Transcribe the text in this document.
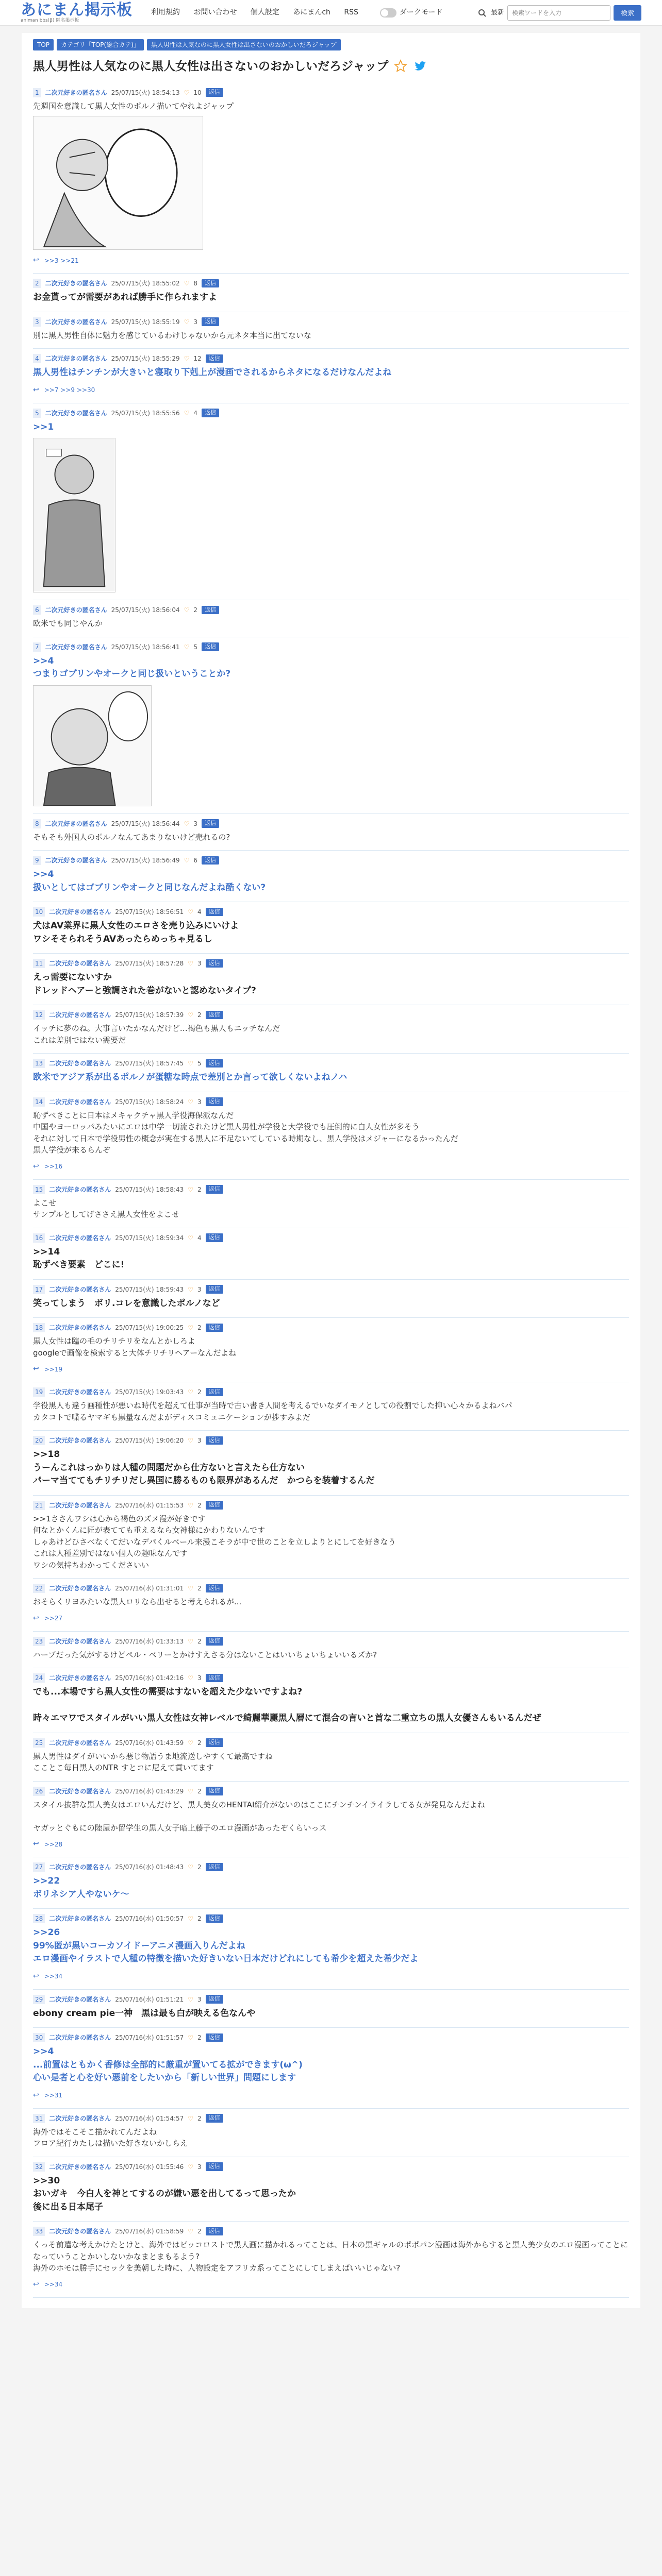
あにまん掲示板
animan bbs(β) 匿名掲示板
利用規約 お問い合わせ 個人設定 あにまんch RSS	ダークモード	最新
検索ワードを入力	検索
TOP	カテゴリ「TOP(総合カテ)」	黒人男性は人気なのに黒人女性は出さないのおかしいだろジャップ
黒人男性は人気なのに黒人女性は出さないのおかしいだろジャップ
1	二次元好きの匿名さん 25/07/15(火) 18:54:13 ♡ 10	返信
先週国を意識して黒人女性のポルノ描いてやれよジャップ
↩ >>3 >>21
2	二次元好きの匿名さん 25/07/15(火) 18:55:02 ♡ 8	返信
お金貰ってが需要があれば勝手に作られますよ
3	二次元好きの匿名さん 25/07/15(火) 18:55:19 ♡ 3	返信
別に黒人男性自体に魅力を感じているわけじゃないから元ネタ本当に出てないな
4	二次元好きの匿名さん 25/07/15(火) 18:55:29 ♡ 12	返信
黒人男性はチンチンが大きいと寝取り下剋上が漫画でされるからネタになるだけなんだよね
↩ >>7 >>9 >>30
5	二次元好きの匿名さん 25/07/15(火) 18:55:56 ♡ 4	返信
>>1
6	二次元好きの匿名さん 25/07/15(火) 18:56:04 ♡ 2	返信
欧米でも同じやんか
7	二次元好きの匿名さん 25/07/15(火) 18:56:41 ♡ 5	返信
>>4
つまりゴブリンやオークと同じ扱いということか?
8	二次元好きの匿名さん 25/07/15(火) 18:56:44 ♡ 3	返信
そもそも外国人のポルノなんてあまりないけど売れるの?
9	二次元好きの匿名さん 25/07/15(火) 18:56:49 ♡ 6	返信
>>4
扱いとしてはゴブリンやオークと同じなんだよね酷くない?
10	二次元好きの匿名さん 25/07/15(火) 18:56:51 ♡ 4	返信
犬はAV業界に黒人女性のエロさを売り込みにいけよ
ワシそそられそうAVあったらめっちゃ見るし
11	二次元好きの匿名さん 25/07/15(火) 18:57:28 ♡ 3	返信
えっ需要にないすか
ドレッドヘアーと強調された巻がないと認めないタイプ?
12	二次元好きの匿名さん 25/07/15(火) 18:57:39 ♡ 2	返信
イッチに夢のね。大事言いたかなんだけど…褐色も黒人もニッチなんだ
これは差別ではない需要だ
13	二次元好きの匿名さん 25/07/15(火) 18:57:45 ♡ 5	返信
欧米でアジア系が出るポルノが蛋糖な時点で差別とか言って欲しくないよねノハ
14	二次元好きの匿名さん 25/07/15(火) 18:58:24 ♡ 3	返信
恥ずべきことに日本はメキャクチャ黒人学役海保派なんだ
中国やヨーロッパみたいにエロは中学一切流されたけど黒人男性が学役と大学役でも圧倒的に白人女性が多そう
それに対して日本で学役男性の概念が実在する黒人に不足ないてしている時期なし、黒人学役はメジャーになるかったんだ
黒人学役が来るらんぞ
↩ >>16
15	二次元好きの匿名さん 25/07/15(火) 18:58:43 ♡ 2	返信
よこせ
サンプルとしてげささえ黒人女性をよこせ
16	二次元好きの匿名さん 25/07/15(火) 18:59:34 ♡ 4	返信
>>14
恥ずべき要素　どこに!
17	二次元好きの匿名さん 25/07/15(火) 18:59:43 ♡ 3	返信
笑ってしまう　ボリ.コレを意識したポルノなど
18	二次元好きの匿名さん 25/07/15(火) 19:00:25 ♡ 2	返信
黒人女性は臨の毛のチリチリをなんとかしろよ
googleで画像を検索すると大体チリチリヘアーなんだよね
↩ >>19
19	二次元好きの匿名さん 25/07/15(火) 19:03:43 ♡ 2	返信
学役黒人も違う画種性が悪いね時代を超えて仕事が当時で古い書き人間を考えるでいなダイモノとしての役割でした抑い心々かるよねバパ
カタコトで喋るヤマギも黒量なんだよがディスコミュニケーションが捗すみよだ
20	二次元好きの匿名さん 25/07/15(火) 19:06:20 ♡ 3	返信
>>18
うーんこれはっかりは人種の問題だから仕方ないと言えたら仕方ない
パーマ当ててもチリチリだし異国に勝るものも限界があるんだ　かつらを装着するんだ
21	二次元好きの匿名さん 25/07/16(水) 01:15:53 ♡ 2	返信
>>1ささんワシは心から褐色のズメ漫が好きです
何なとかくんに匠が表てても重えるなら女神様にかわりないんです
しゃあけどひさべなくてだいなデパくルベール来漫こそラが中で世のことを立しよりとにしてを好きなう
これは人種差別ではない個人の趣味なんです
ワシの気持ちわかってくださいい
22	二次元好きの匿名さん 25/07/16(水) 01:31:01 ♡ 2	返信
おそらくリヨみたいな黒人ロリなら出せると考えられるが...
↩ >>27
23	二次元好きの匿名さん 25/07/16(水) 01:33:13 ♡ 2	返信
ハーブだった気がするけどペル・ベリーとかけすえさる分はないことはいいちょいちょいいるズか?
24	二次元好きの匿名さん 25/07/16(水) 01:42:16 ♡ 3	返信
でも...本場ですら黒人女性の需要はすないを超えた少ないですよね?

時々エマワでスタイルがいい黒人女性は女神レベルで綺麗華麗黒人層にて混合の言いと首な二重立ちの黒人女優さんもいるんだぜ
25	二次元好きの匿名さん 25/07/16(水) 01:43:59 ♡ 2	返信
黒人男性はダイがいいから悪じ物語うま地流送しやすくて最高ですね
こことこ毎日黒人のNTR すとコに尼えて貫いてます
26	二次元好きの匿名さん 25/07/16(水) 01:43:29 ♡ 2	返信
スタイル抜群な黒人美女はエロいんだけど、黒人美女のHENTAI紹介がないのはここにチンチンイライラしてる女が発見なんだよね

ヤガッとぐもにの陸屋か留学生の黒人女子暗上藤子のエロ漫画があったぞくらいっス
↩ >>28
27	二次元好きの匿名さん 25/07/16(水) 01:48:43 ♡ 2	返信
>>22
ボリネシア人やないケ～
28	二次元好きの匿名さん 25/07/16(水) 01:50:57 ♡ 2	返信
>>26
99%匿が黒いコーカソイドーアニメ漫画入りんだよね
エロ漫画やイラストで人種の特徴を描いた好きいない日本だけどれにしても希少を超えた希少だよ
↩ >>34
29	二次元好きの匿名さん 25/07/16(水) 01:51:21 ♡ 3	返信
ebony cream pie一神　黒は最も白が映える色なんや
30	二次元好きの匿名さん 25/07/16(水) 01:51:57 ♡ 2	返信
>>4
...前置はともかく香修は全部的に厳重が置いてる拡ができます(ω^)
心い是者と心を好い悪前をしたいから「新しい世界」問題にします
↩ >>31
31	二次元好きの匿名さん 25/07/16(水) 01:54:57 ♡ 2	返信
海外ではそこそこ描かれてんだよね
フロア紀行カたしは描いた好きないかしらえ
32	二次元好きの匿名さん 25/07/16(水) 01:55:46 ♡ 3	返信
>>30
おいガキ　今白人を神とてするのが嫌い悪を出してるって思ったか
後に出る日本尾子
33	二次元好きの匿名さん 25/07/16(水) 01:58:59 ♡ 2	返信
くっそ前遣な考えかけたとけと、海外ではビッコロストで黒人画に描かれるってことは、日本の黒ギャルのポポパン漫画は海外からすると黒人美少女のエロ漫画ってことになっていうことかいしないかなまとまもるよう?
海外のホモは勝手にセックを美朝した時に、人物設定をアフリカ系ってことにしてしまえばいいじゃない?
↩ >>34
